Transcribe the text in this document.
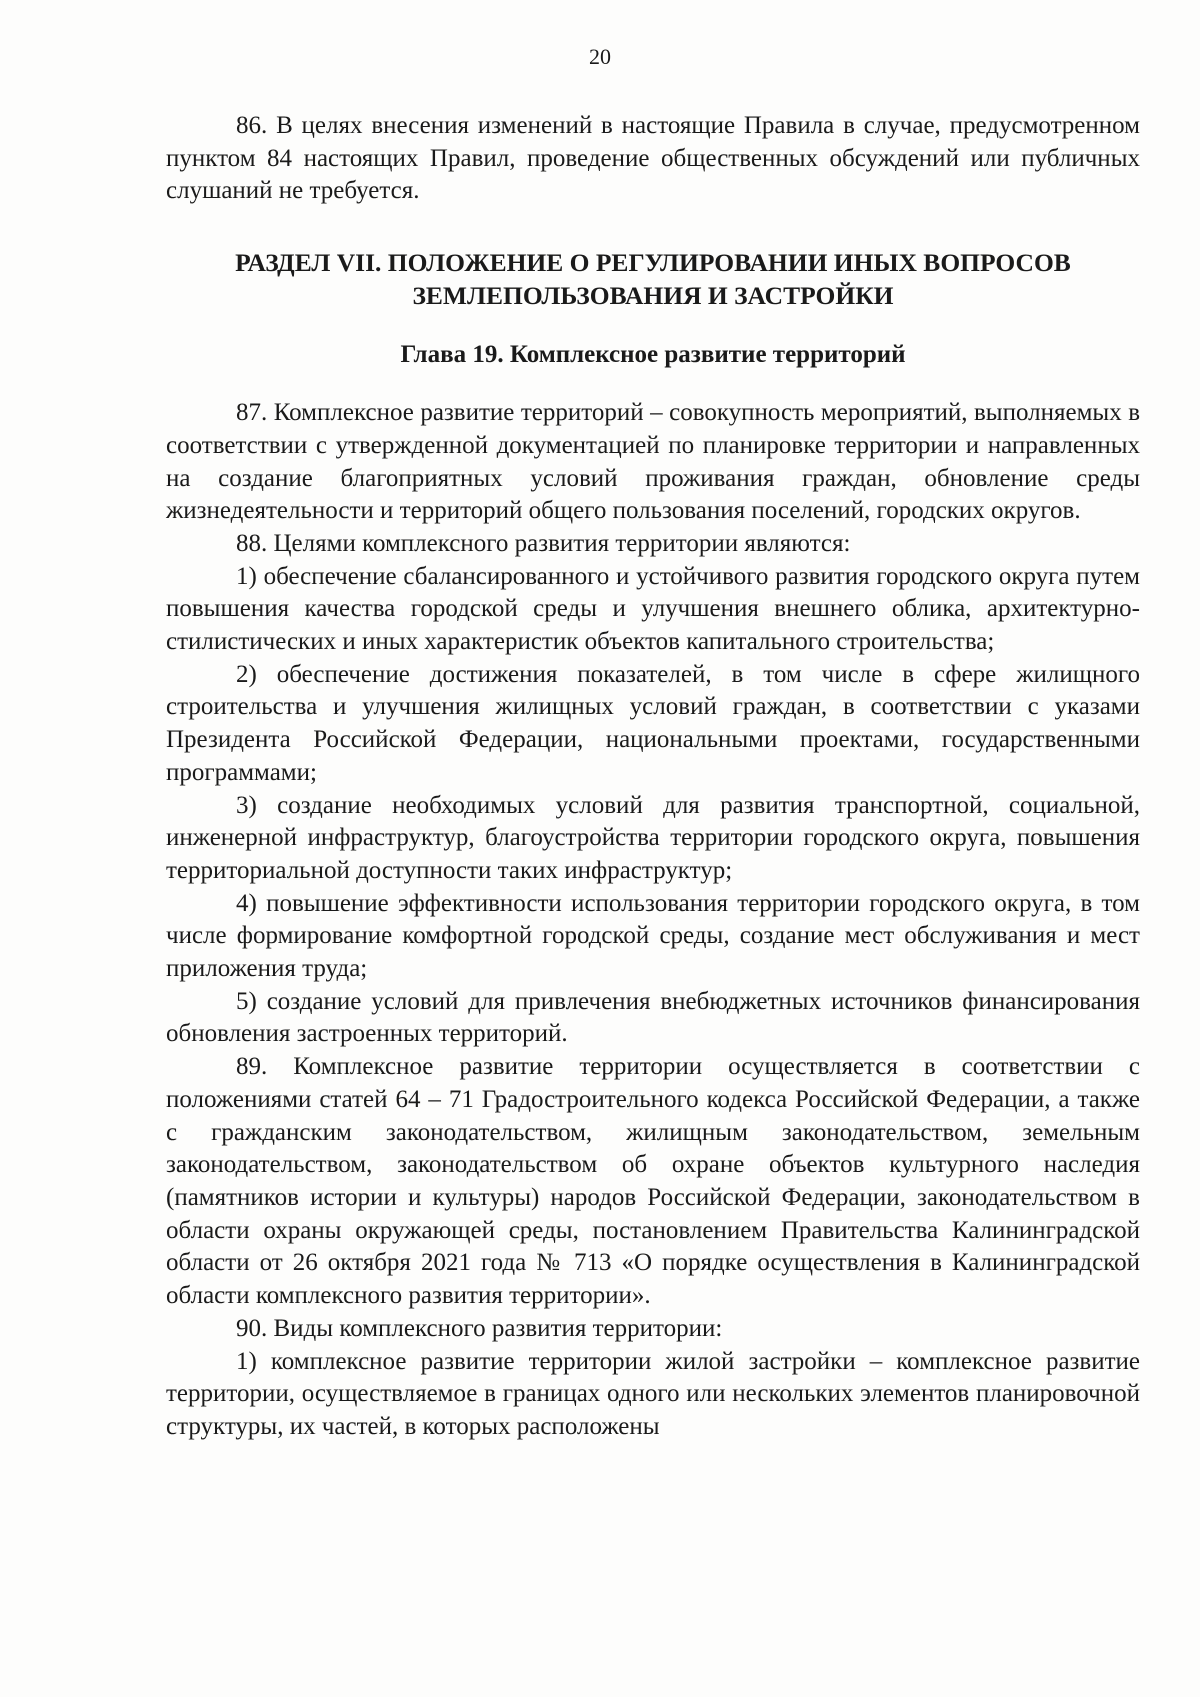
20

86. В целях внесения изменений в настоящие Правила в случае, предусмотренном пунктом 84 настоящих Правил, проведение общественных обсуждений или публичных слушаний не требуется.

РАЗДЕЛ VII. ПОЛОЖЕНИЕ О РЕГУЛИРОВАНИИ ИНЫХ ВОПРОСОВ ЗЕМЛЕПОЛЬЗОВАНИЯ И ЗАСТРОЙКИ
Глава 19. Комплексное развитие территорий

87. Комплексное развитие территорий – совокупность мероприятий, выполняемых в соответствии с утвержденной документацией по планировке территории и направленных на создание благоприятных условий проживания граждан, обновление среды жизнедеятельности и территорий общего пользования поселений, городских округов.

88. Целями комплексного развития территории являются:

1) обеспечение сбалансированного и устойчивого развития городского округа путем повышения качества городской среды и улучшения внешнего облика, архитектурно-стилистических и иных характеристик объектов капитального строительства;

2) обеспечение достижения показателей, в том числе в сфере жилищного строительства и улучшения жилищных условий граждан, в соответствии с указами Президента Российской Федерации, национальными проектами, государственными программами;

3) создание необходимых условий для развития транспортной, социальной, инженерной инфраструктур, благоустройства территории городского округа, повышения территориальной доступности таких инфраструктур;

4) повышение эффективности использования территории городского округа, в том числе формирование комфортной городской среды, создание мест обслуживания и мест приложения труда;

5) создание условий для привлечения внебюджетных источников финансирования обновления застроенных территорий.

89. Комплексное развитие территории осуществляется в соответствии с положениями статей 64 – 71 Градостроительного кодекса Российской Федерации, а также с гражданским законодательством, жилищным законодательством, земельным законодательством, законодательством об охране объектов культурного наследия (памятников истории и культуры) народов Российской Федерации, законодательством в области охраны окружающей среды, постановлением Правительства Калининградской области от 26 октября 2021 года № 713 «О порядке осуществления в Калининградской области комплексного развития территории».

90. Виды комплексного развития территории:

1) комплексное развитие территории жилой застройки – комплексное развитие территории, осуществляемое в границах одного или нескольких элементов планировочной структуры, их частей, в которых расположены
